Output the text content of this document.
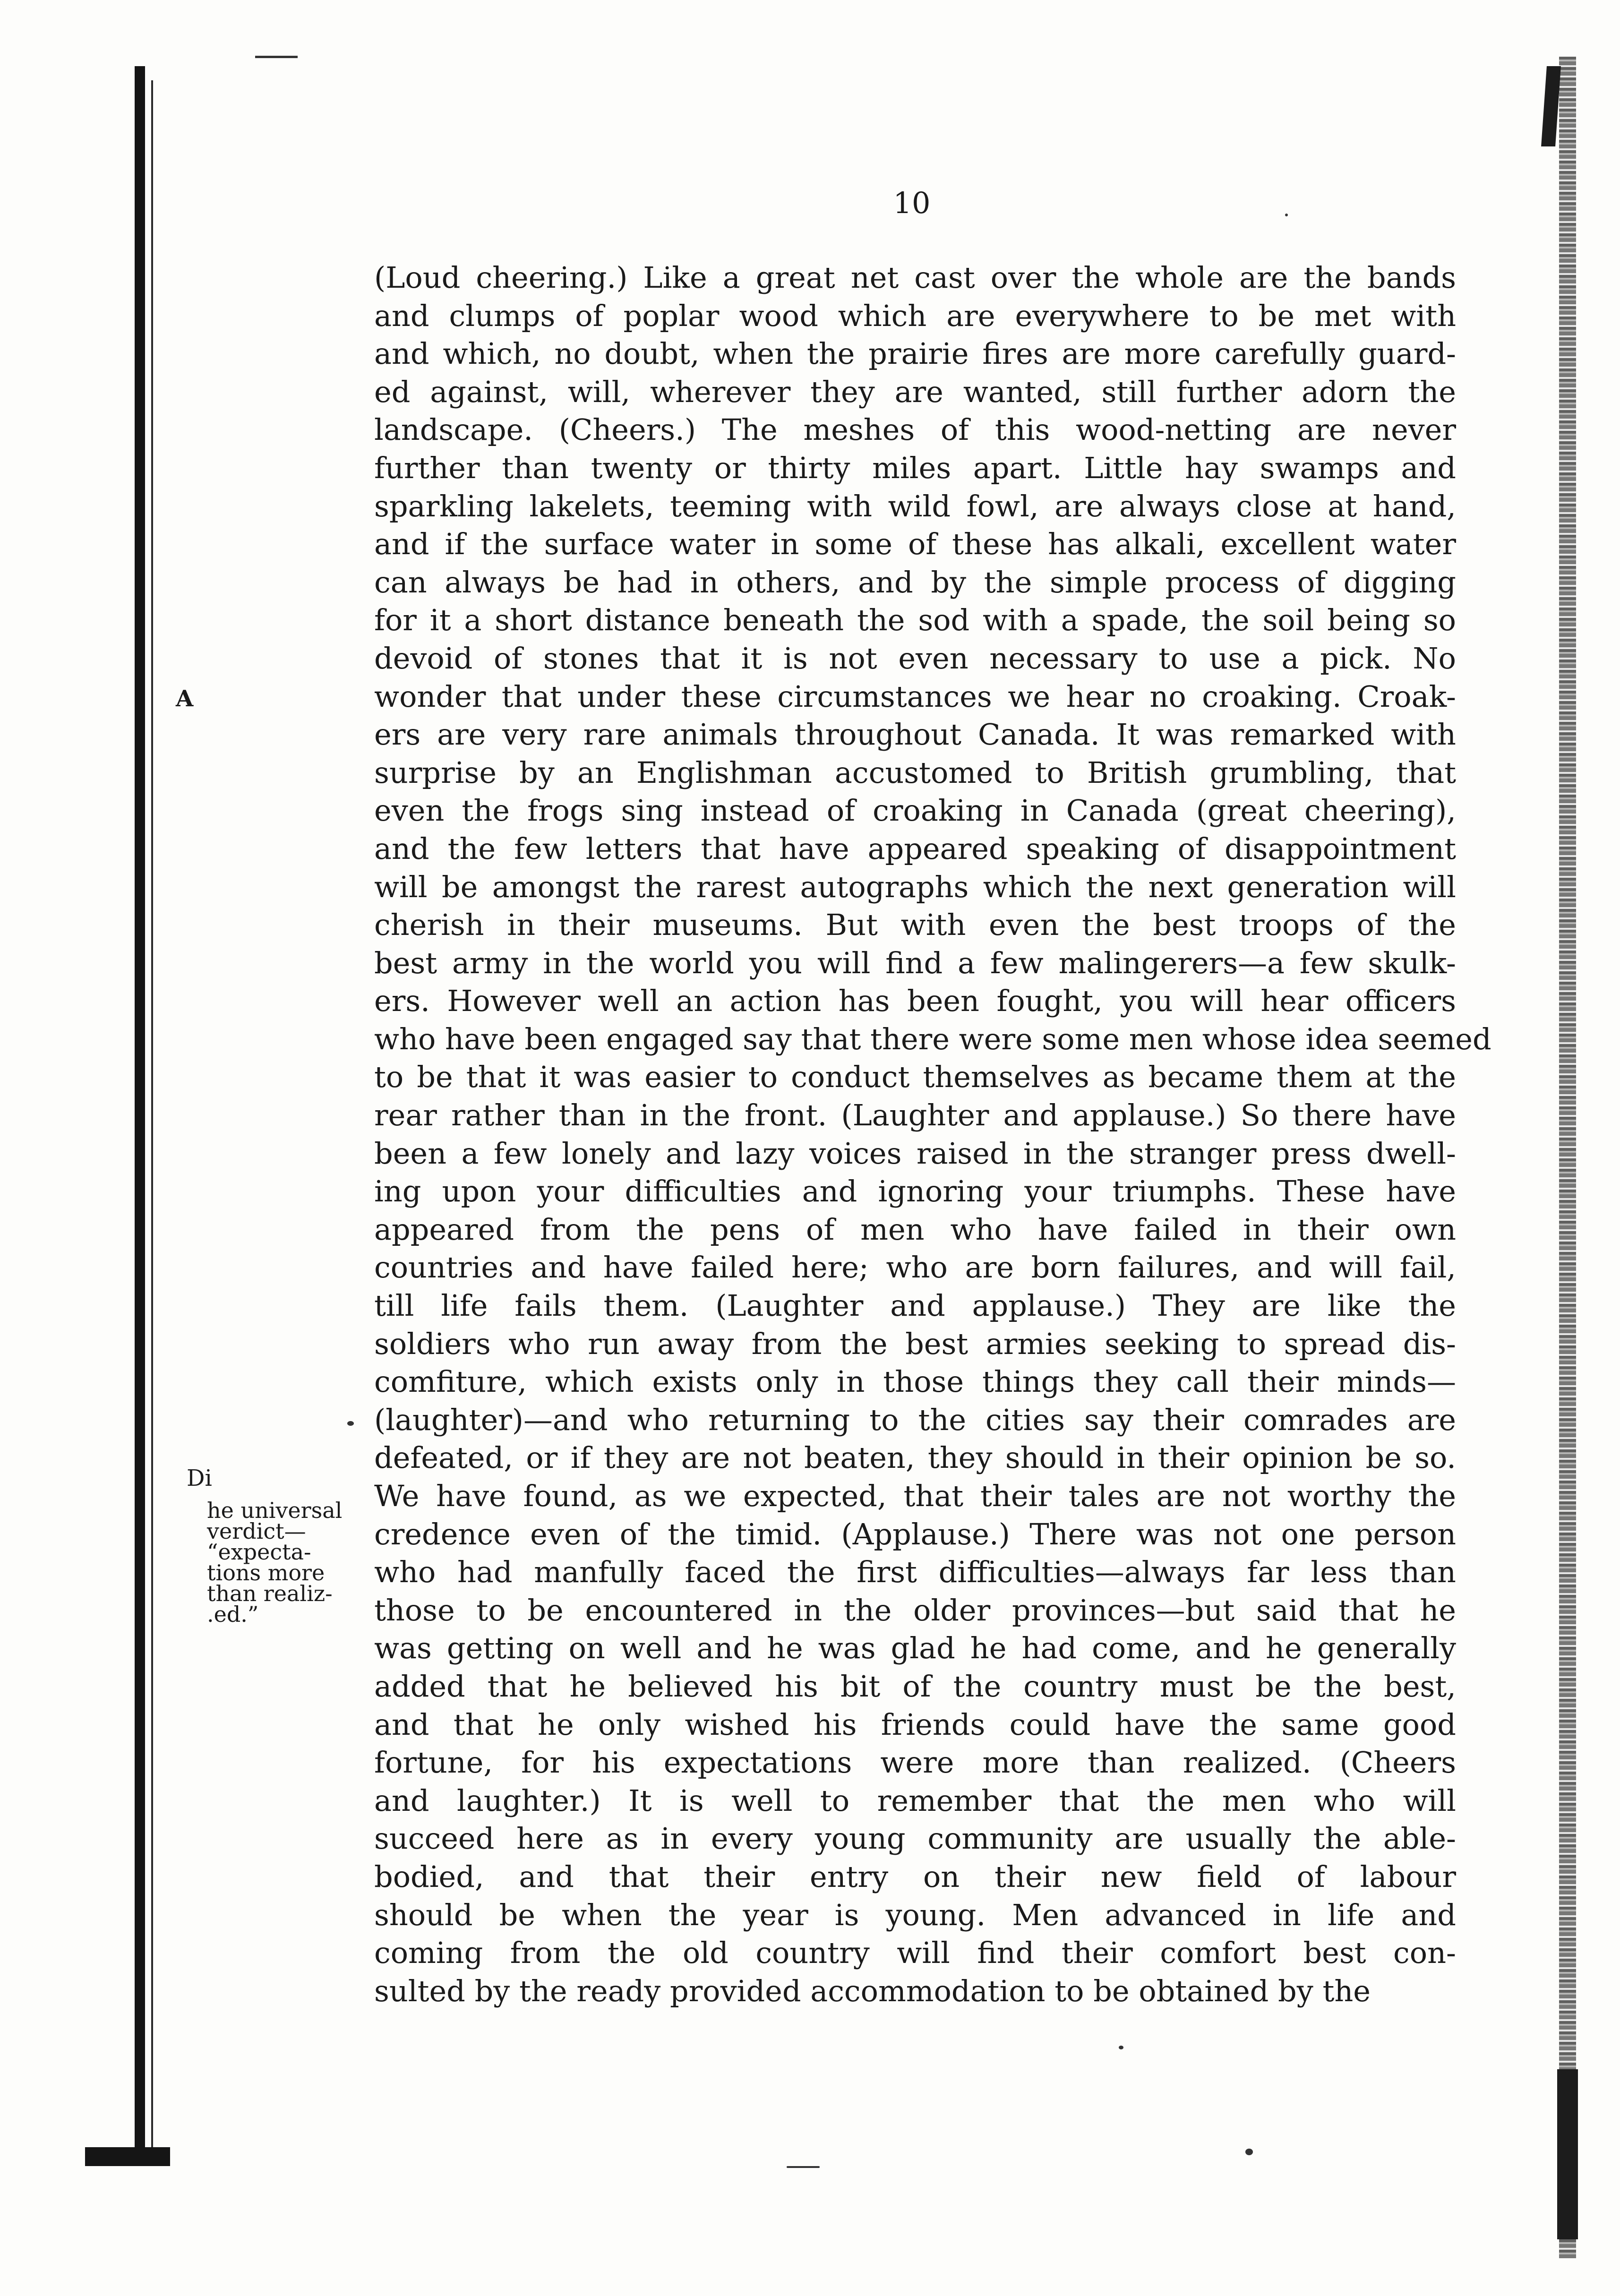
10
(Loud cheering.) Like a great net cast over the whole are the bands
and clumps of poplar wood which are everywhere to be met with
and which, no doubt, when the prairie fires are more carefully guard-
ed against, will, wherever they are wanted, still further adorn the
landscape. (Cheers.) The meshes of this wood-netting are never
further than twenty or thirty miles apart. Little hay swamps and
sparkling lakelets, teeming with wild fowl, are always close at hand,
and if the surface water in some of these has alkali, excellent water
can always be had in others, and by the simple process of digging
for it a short distance beneath the sod with a spade, the soil being so
devoid of stones that it is not even necessary to use a pick. No
wonder that under these circumstances we hear no croaking. Croak-
ers are very rare animals throughout Canada. It was remarked with
surprise by an Englishman accustomed to British grumbling, that
even the frogs sing instead of croaking in Canada (great cheering),
and the few letters that have appeared speaking of disappointment
will be amongst the rarest autographs which the next generation will
cherish in their museums. But with even the best troops of the
best army in the world you will find a few malingerers—a few skulk-
ers. However well an action has been fought, you will hear officers
who have been engaged say that there were some men whose idea seemed
to be that it was easier to conduct themselves as became them at the
rear rather than in the front. (Laughter and applause.) So there have
been a few lonely and lazy voices raised in the stranger press dwell-
ing upon your difficulties and ignoring your triumphs. These have
appeared from the pens of men who have failed in their own
countries and have failed here; who are born failures, and will fail,
till life fails them. (Laughter and applause.) They are like the
soldiers who run away from the best armies seeking to spread dis-
comfiture, which exists only in those things they call their minds—
(laughter)—and who returning to the cities say their comrades are
defeated, or if they are not beaten, they should in their opinion be so.
We have found, as we expected, that their tales are not worthy the
credence even of the timid. (Applause.) There was not one person
who had manfully faced the first difficulties—always far less than
those to be encountered in the older provinces—but said that he
was getting on well and he was glad he had come, and he generally
added that he believed his bit of the country must be the best,
and that he only wished his friends could have the same good
fortune, for his expectations were more than realized. (Cheers
and laughter.) It is well to remember that the men who will
succeed here as in every young community are usually the able-
bodied, and that their entry on their new field of labour
should be when the year is young. Men advanced in life and
coming from the old country will find their comfort best con-
sulted by the ready provided accommodation to be obtained by the
A
Di
he universal
verdict—
“expecta-
tions more
than realiz-
.ed.”
